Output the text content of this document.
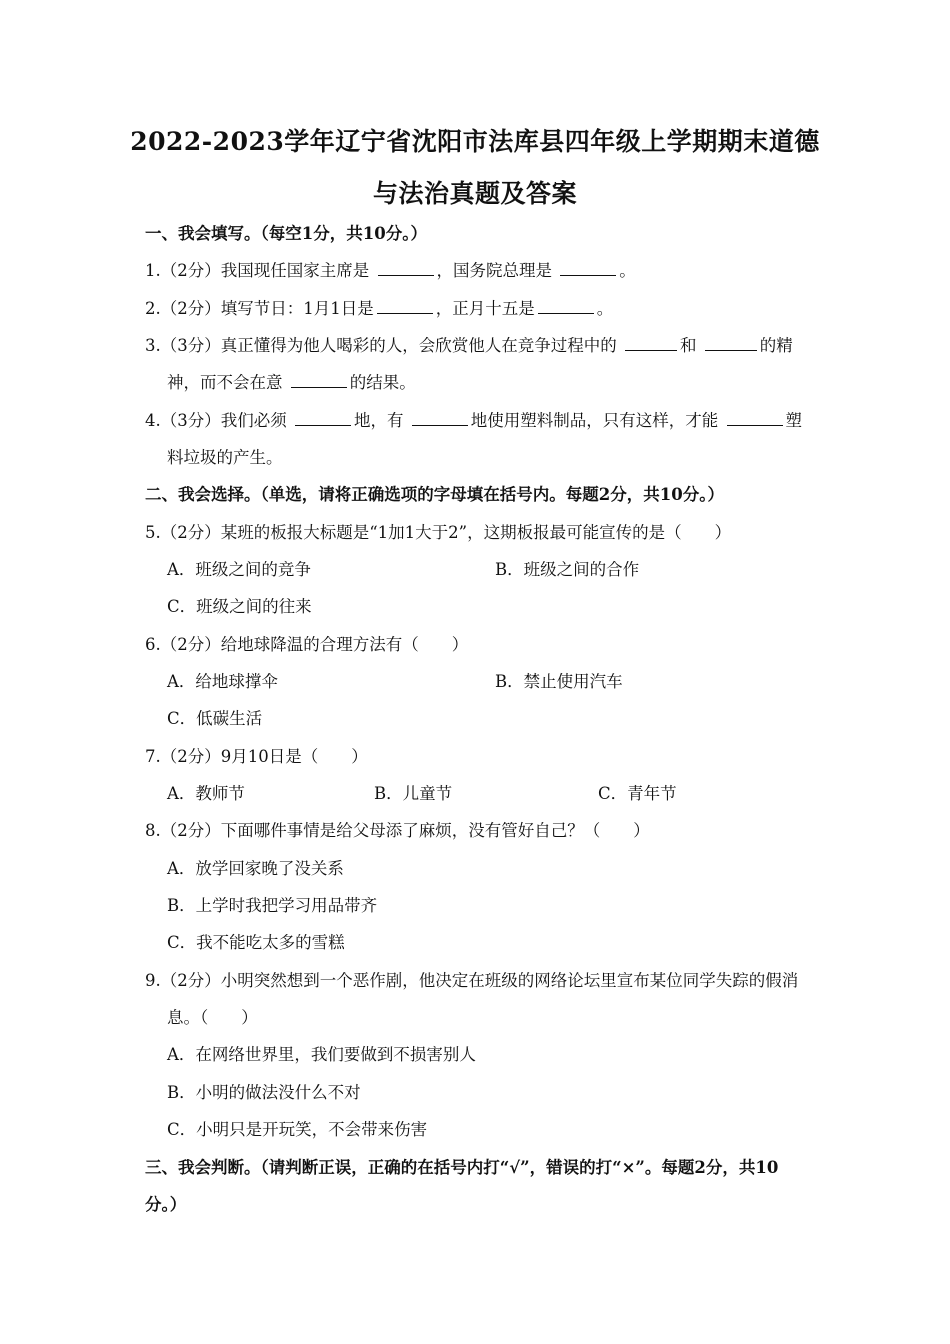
2022-2023学年辽宁省沈阳市法库县四年级上学期期末道德
与法治真题及答案
一、我会填写。（每空1分，共10分。）
1.（2分）我国现任国家主席是	，国务院总理是	。
2.（2分）填写节日：1月1日是	，正月十五是	。
3.（3分）真正懂得为他人喝彩的人，会欣赏他人在竞争过程中的	和	的精
神，而不会在意	的结果。
4.（3分）我们必须	地，有	地使用塑料制品，只有这样，才能	塑
料垃圾的产生。
二、我会选择。（单选，请将正确选项的字母填在括号内。每题2分，共10分。）
5.（2分）某班的板报大标题是“1加1大于2”，这期板报最可能宣传的是（　　）
A．班级之间的竞争	B．班级之间的合作
C．班级之间的往来
6.（2分）给地球降温的合理方法有（　　）
A．给地球撑伞	B．禁止使用汽车
C．低碳生活
7.（2分）9月10日是（　　）
A．教师节	B．儿童节	C．青年节
8.（2分）下面哪件事情是给父母添了麻烦，没有管好自己？（　　）
A．放学回家晚了没关系
B．上学时我把学习用品带齐
C．我不能吃太多的雪糕
9.（2分）小明突然想到一个恶作剧，他决定在班级的网络论坛里宣布某位同学失踪的假消
息。（　　）
A．在网络世界里，我们要做到不损害别人
B．小明的做法没什么不对
C．小明只是开玩笑，不会带来伤害
三、我会判断。（请判断正误，正确的在括号内打“√”，错误的打“×”。每题2分，共10
分。）
